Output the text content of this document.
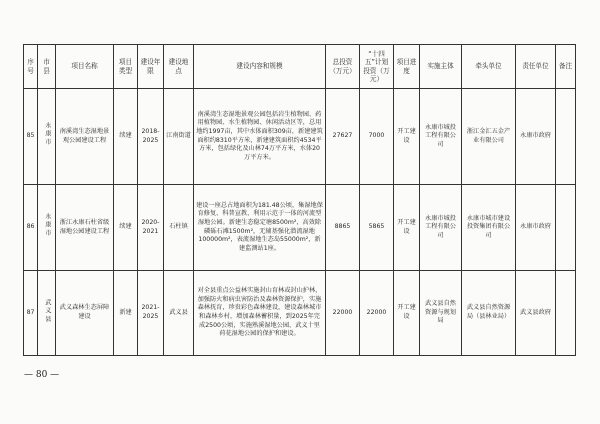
序号	市县	项目名称	项目类型	建设年限	建设地点	建设内容和规模	总投资（万元）	“十四五”计划投资（万元）	项目进度	实施主体	牵头单位	责任单位	备注
85	永康市	南溪湾生态湿地景观公园建设工程	续建	2018-2025	江南街道	南溪湾生态湿地景观公园包括岩生植物园、药用植物园、水生植物园、休闲活动区等，总用地约1997亩，其中水体面积309亩，新建建筑面积约8310平方米，新建建筑面积约4534平方米，包括绿化及山林74万平方米，水体20万平方米。	27627	7000	开工建设	永康市城投工程有限公司	浙江金汇五金产业有限公司	永康市政府	
86	永康市	浙江永康石柱省级湿地公园建设工程	续建	2020-2021	石柱镇	建设一座总占地面积为181.48公顷，集湿地保育修复、科普宣教、利用示范于一体的河流型湿地公园。新建生态稳定塘8500m²，高效除磷砾石滩1500m²，无辅基强化潜流湿地100000m²，表流湿地生态岛55000m²，新建监测站1座。	8865	5865	开工建设	永康市城投工程有限公司	永康市城市建设投资集团有限公司	永康市政府	
87	武义县	武义森林生态屏障建设	新建	2021-2025	武义县	对全县重点公益林实施封山育林或封山护林，加强防火和病虫害防治及森林资源保护，实施森林抚育，珍贵彩色森林建设，建设森林城市和森林乡村，增加森林蓄积量，到2025年完成2500公顷，实施熟溪湿地公园、武义十里荷花湿地公园的保护和建设。	22000	22000	开工建设	武义县自然资源与规划局	武义县自然资源局（县林业局）	武义县政府	
— 80 —
